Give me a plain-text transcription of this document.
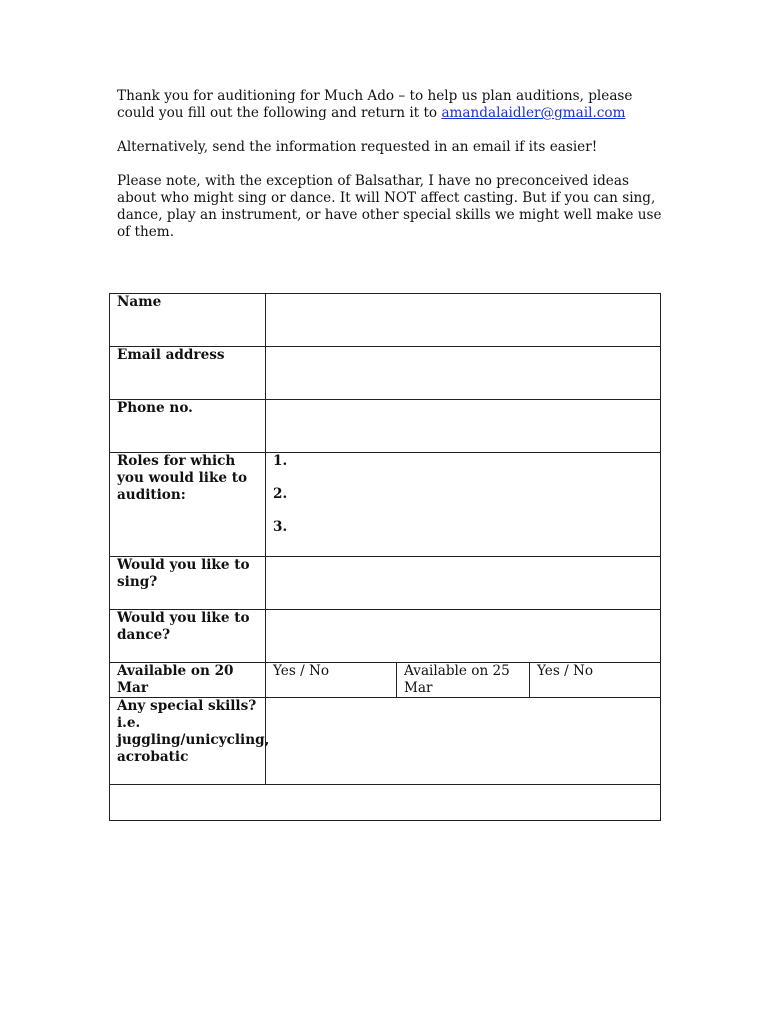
Thank you for auditioning for Much Ado – to help us plan auditions, please could you fill out the following and return it to amandalaidler@gmail.com

Alternatively, send the information requested in an email if its easier!

Please note, with the exception of Balsathar, I have no preconceived ideas about who might sing or dance. It will NOT affect casting. But if you can sing, dance, play an instrument, or have other special skills we might well make use of them.

Name			
Email address			
Phone no.			
Roles for which you would like to audition:	1.
2.
3.		

Would you like to sing?			
Would you like to dance?			
Available on 20 Mar	Yes / No	Available on 25 Mar	Yes / No
Any special skills? i.e. juggling/unicycling, acrobatic			
